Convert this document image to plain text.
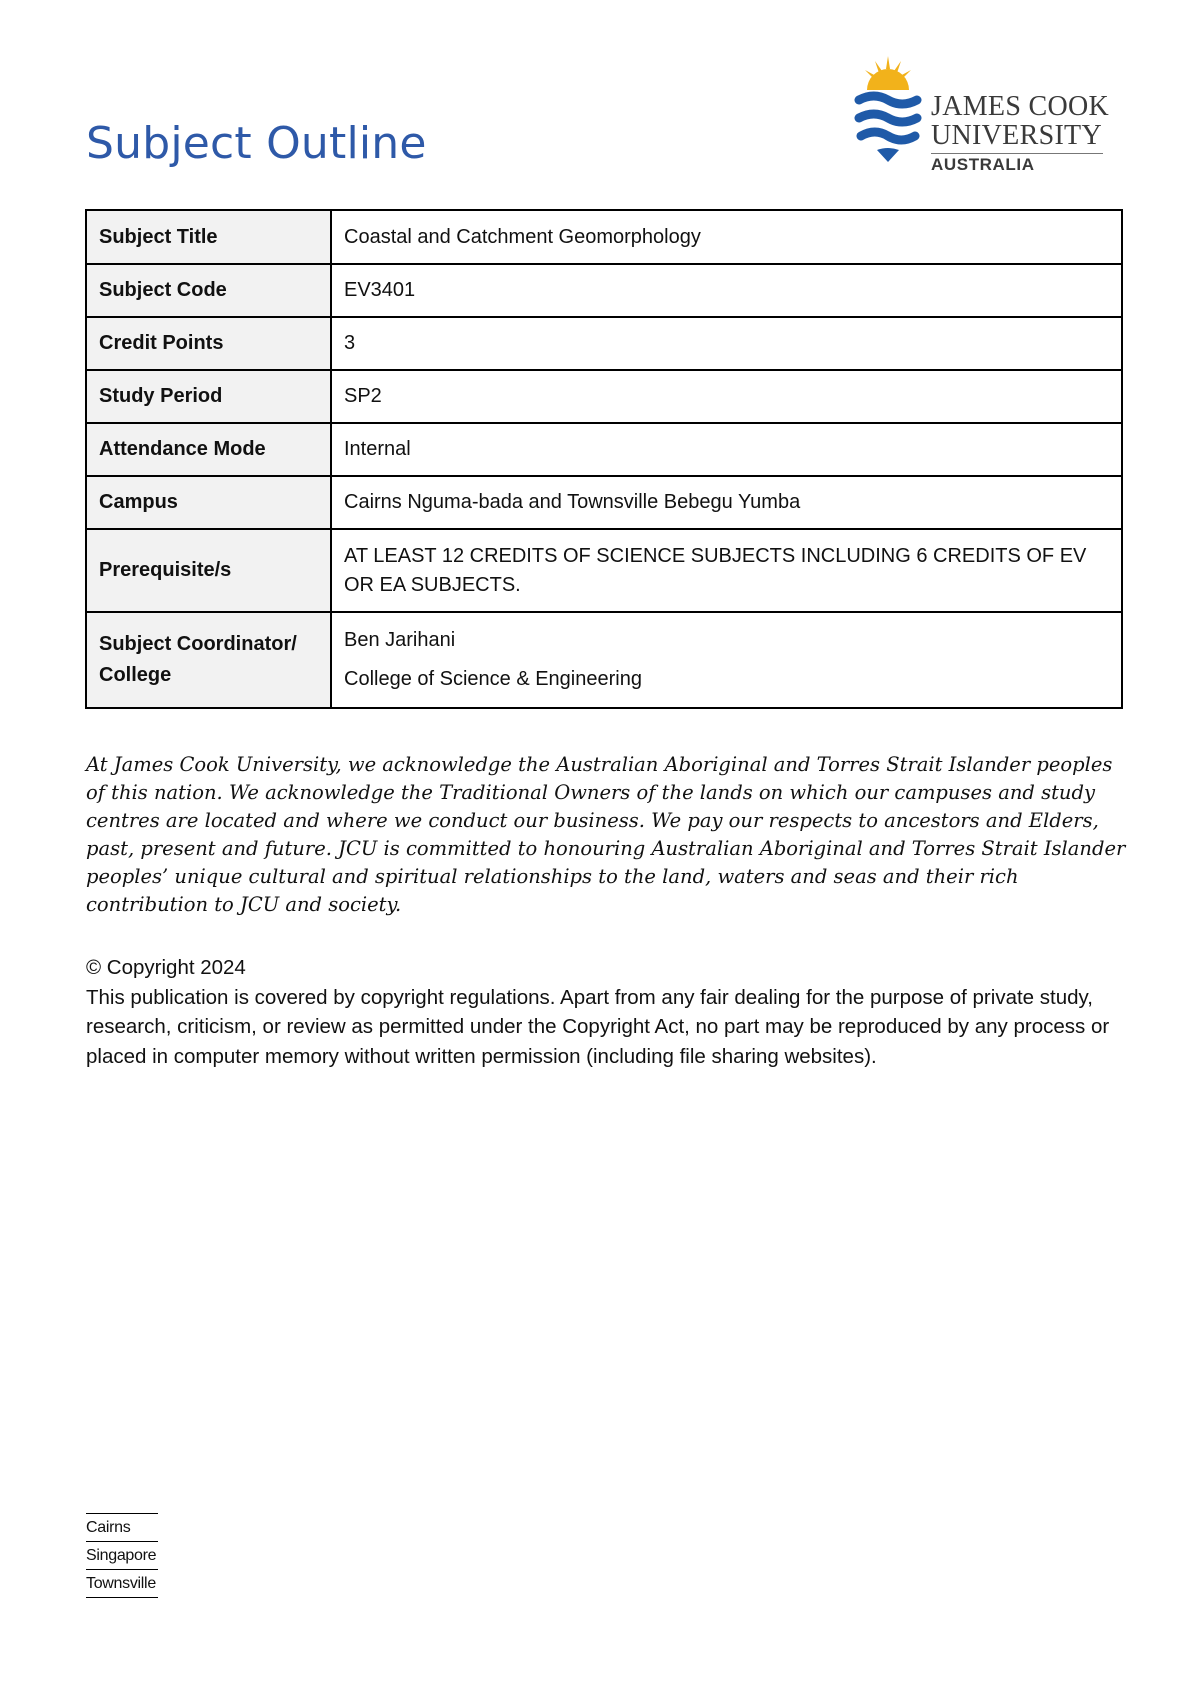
Subject Outline
JAMES COOK
UNIVERSITY
AUSTRALIA
Subject Title	Coastal and Catchment Geomorphology
Subject Code	EV3401
Credit Points	3
Study Period	SP2
Attendance Mode	Internal
Campus	Cairns Nguma-bada and Townsville Bebegu Yumba
Prerequisite/s	AT LEAST 12 CREDITS OF SCIENCE SUBJECTS INCLUDING 6 CREDITS OF EV OR EA SUBJECTS.
Subject Coordinator/ College	Ben Jarihani
College of Science & Engineering

At James Cook University, we acknowledge the Australian Aboriginal and Torres Strait Islander peoples of this nation. We acknowledge the Traditional Owners of the lands on which our campuses and study centres are located and where we conduct our business. We pay our respects to ancestors and Elders, past, present and future. JCU is committed to honouring Australian Aboriginal and Torres Strait Islander peoples’ unique cultural and spiritual relationships to the land, waters and seas and their rich contribution to JCU and society.

© Copyright 2024
This publication is covered by copyright regulations. Apart from any fair dealing for the purpose of private study, research, criticism, or review as permitted under the Copyright Act, no part may be reproduced by any process or placed in computer memory without written permission (including file sharing websites).
Cairns
Singapore
Townsville
